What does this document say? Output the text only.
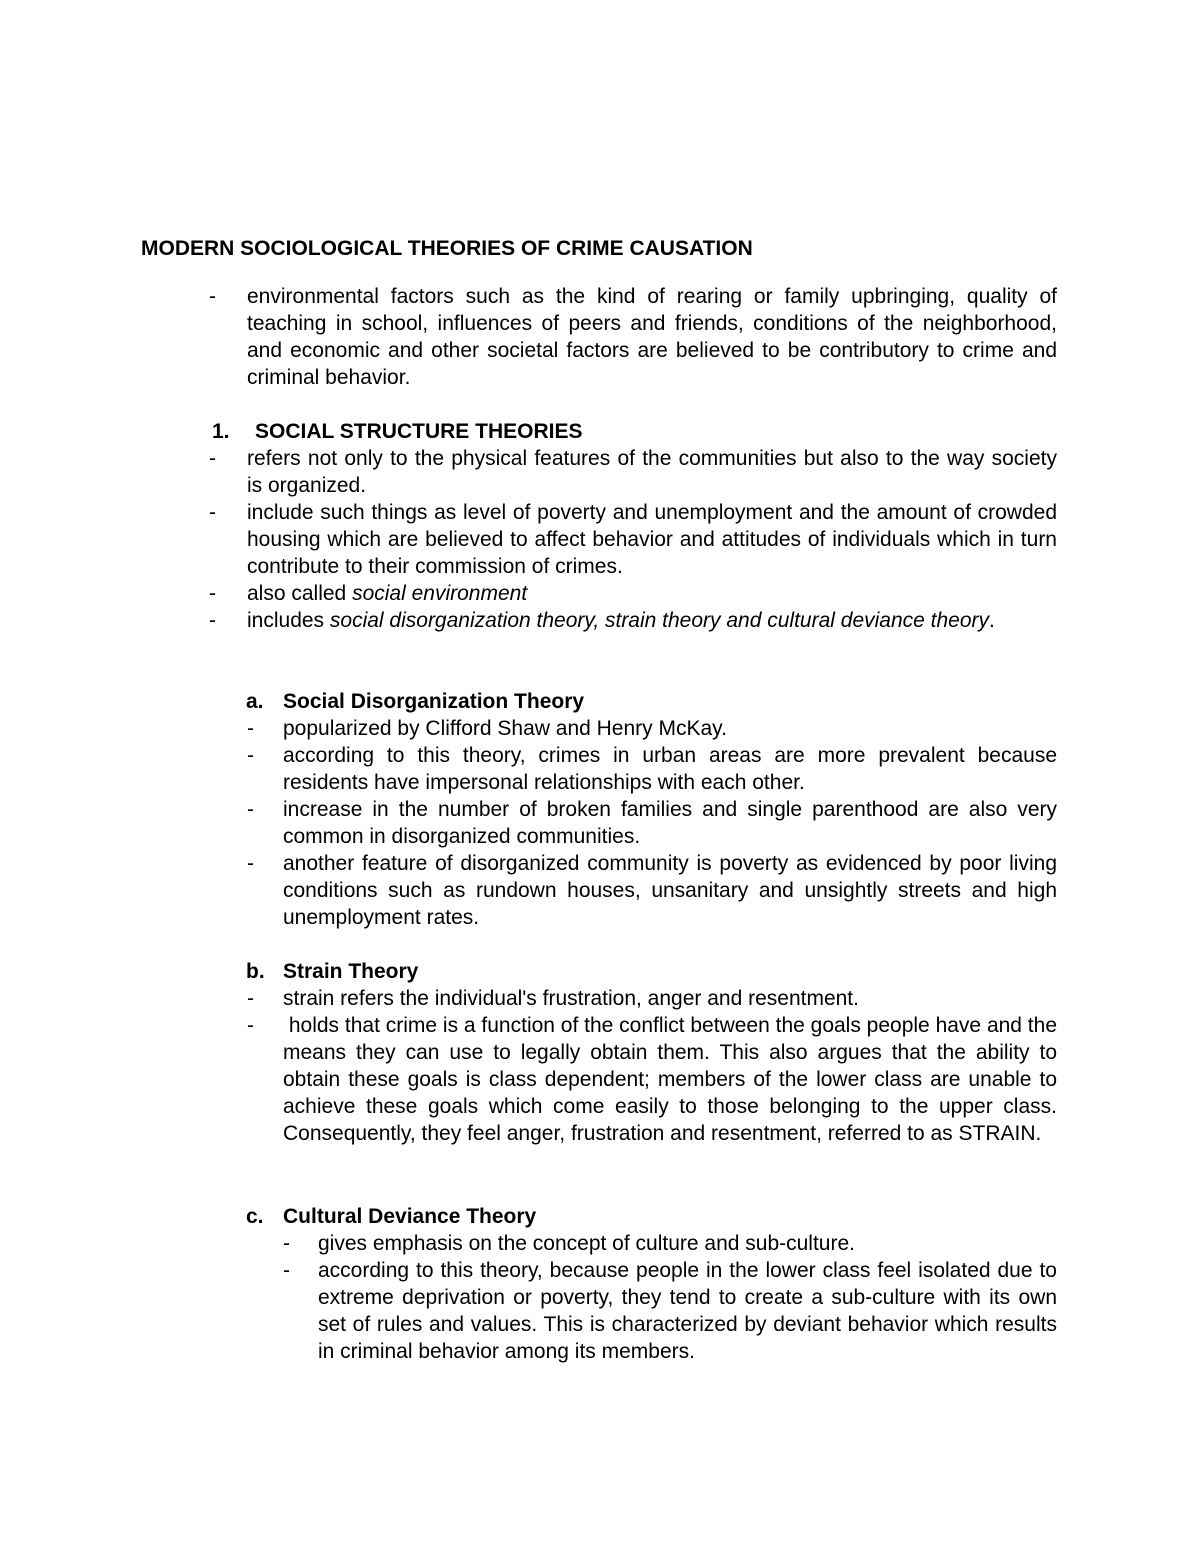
MODERN SOCIOLOGICAL THEORIES OF CRIME CAUSATION
-	environmental factors such as the kind of rearing or family upbringing, quality of teaching in school, influences of peers and friends, conditions of the neighborhood, and economic and other societal factors are believed to be contributory to crime and criminal behavior.

1.	SOCIAL STRUCTURE THEORIES
-	refers not only to the physical features of the communities but also to the way society is organized.

-	include such things as level of poverty and unemployment and the amount of crowded housing which are believed to affect behavior and attitudes of individuals which in turn contribute to their commission of crimes.

-	also called social environment

-	includes social disorganization theory, strain theory and cultural deviance theory.

a. Social Disorganization Theory
-	popularized by Clifford Shaw and Henry McKay.

-	according to this theory, crimes in urban areas are more prevalent because residents have impersonal relationships with each other.

-	increase in the number of broken families and single parenthood are also very common in disorganized communities.

-	another feature of disorganized community is poverty as evidenced by poor living conditions such as rundown houses, unsanitary and unsightly streets and high unemployment rates.

b. Strain Theory
-	strain refers the individual's frustration, anger and resentment.

-	holds that crime is a function of the conflict between the goals people have and the means they can use to legally obtain them. This also argues that the ability to obtain these goals is class dependent; members of the lower class are unable to achieve these goals which come easily to those belonging to the upper class. Consequently, they feel anger, frustration and resentment, referred to as STRAIN.

c. Cultural Deviance Theory
-	gives emphasis on the concept of culture and sub-culture.

-	according to this theory, because people in the lower class feel isolated due to extreme deprivation or poverty, they tend to create a sub-culture with its own set of rules and values. This is characterized by deviant behavior which results in criminal behavior among its members.
